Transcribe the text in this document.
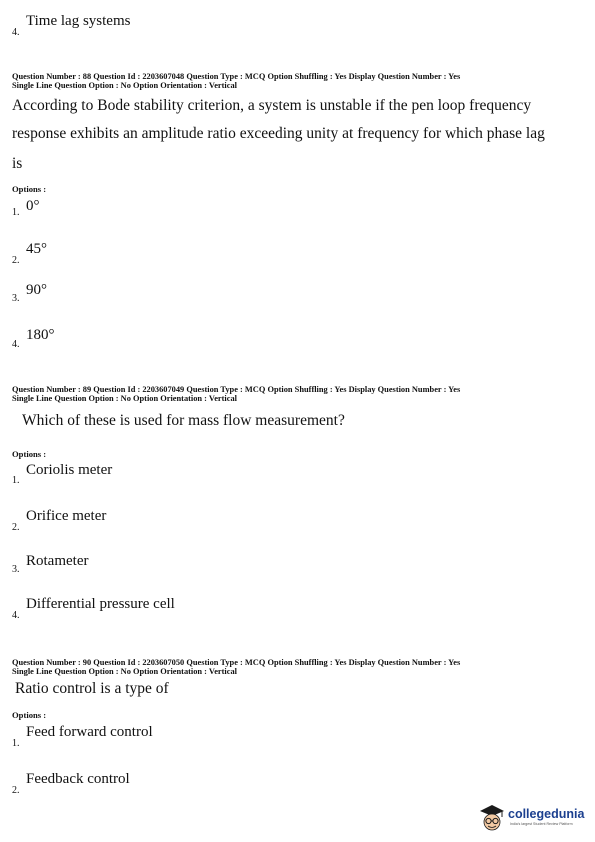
4.
Time lag systems
Question Number : 88 Question Id : 2203607048 Question Type : MCQ Option Shuffling : Yes Display Question Number : Yes
Single Line Question Option : No Option Orientation : Vertical
According to Bode stability criterion, a system is unstable if the pen loop frequency
response exhibits an amplitude ratio exceeding unity at frequency for which phase lag
is
Options :
1. 0°
2.
45°
3.
90°
4.
180°
Question Number : 89 Question Id : 2203607049 Question Type : MCQ Option Shuffling : Yes Display Question Number : Yes
Single Line Question Option : No Option Orientation : Vertical
Which of these is used for mass flow measurement?
Options :
1.
Coriolis meter
2.
Orifice meter
3.
Rotameter
4.
Differential pressure cell
Question Number : 90 Question Id : 2203607050 Question Type : MCQ Option Shuffling : Yes Display Question Number : Yes
Single Line Question Option : No Option Orientation : Vertical
Ratio control is a type of
Options :
1.
Feed forward control
2.
Feedback control
collegedunia
India's largest Student Review Platform
